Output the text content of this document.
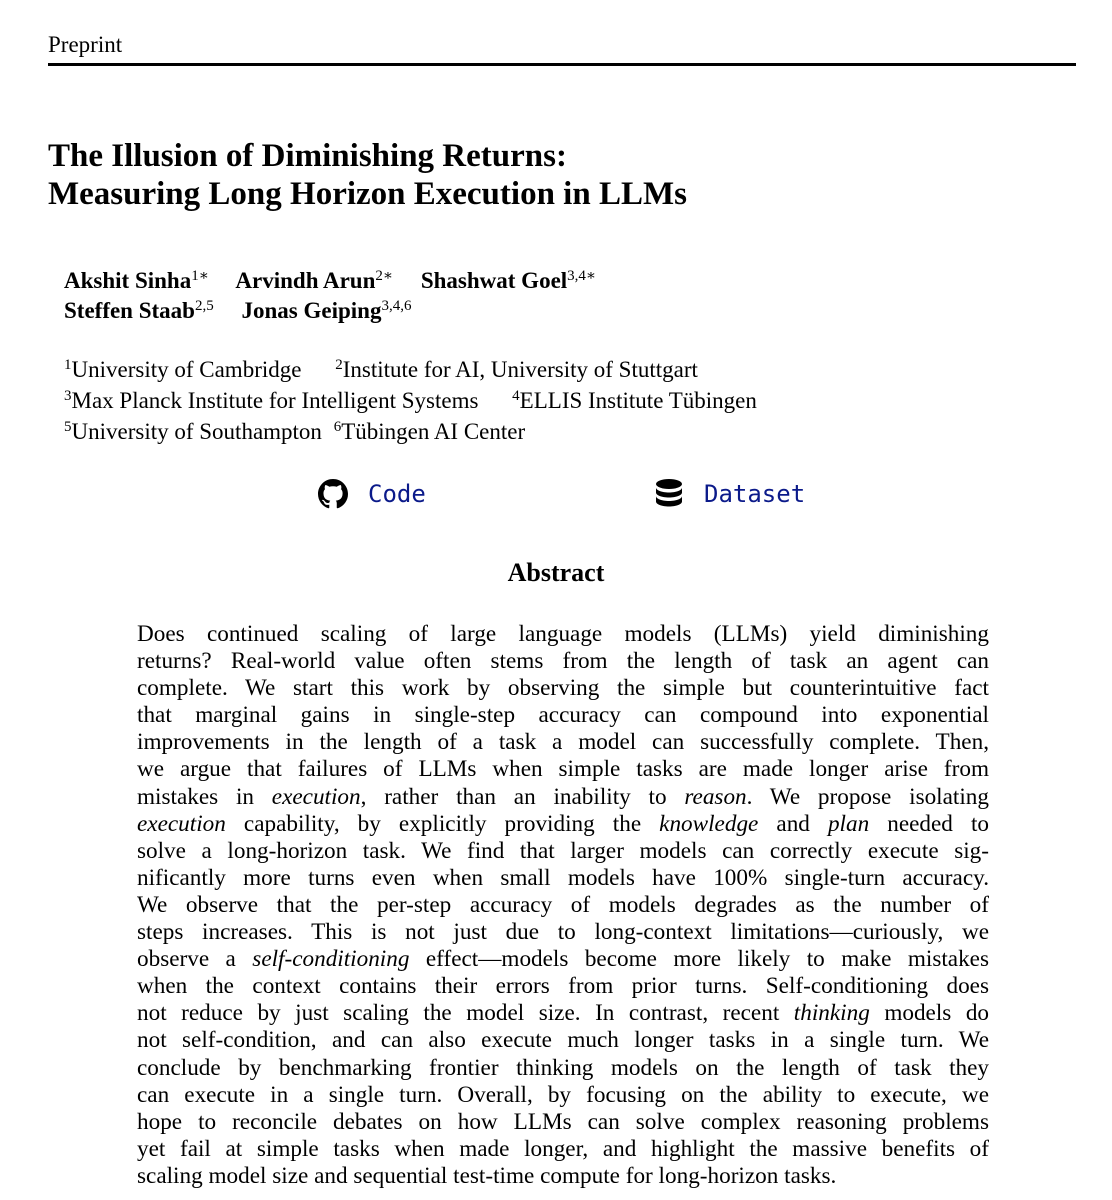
Preprint
The Illusion of Diminishing Returns:
Measuring Long Horizon Execution in LLMs
Akshit Sinha$^{1∗}$ Arvindh Arun$^{2∗}$ Shashwat Goel$^{3,4∗}$
Steffen Staab$^{2,5}$ Jonas Geiping$^{3,4,6}$
$^1$University of Cambridge $^2$Institute for AI, University of Stuttgart
$^3$Max Planck Institute for Intelligent Systems $^4$ELLIS Institute Tübingen
$^5$University of Southampton $^6$Tübingen AI Center
Code	Dataset
Abstract
Does continued scaling of large language models (LLMs) yield diminishing
returns? Real-world value often stems from the length of task an agent can
complete. We start this work by observing the simple but counterintuitive fact
that marginal gains in single-step accuracy can compound into exponential
improvements in the length of a task a model can successfully complete. Then,
we argue that failures of LLMs when simple tasks are made longer arise from
mistakes in execution, rather than an inability to reason. We propose isolating
execution capability, by explicitly providing the knowledge and plan needed to
solve a long-horizon task. We find that larger models can correctly execute sig-
nificantly more turns even when small models have 100% single-turn accuracy.
We observe that the per-step accuracy of models degrades as the number of
steps increases. This is not just due to long-context limitations—curiously, we
observe a self-conditioning effect—models become more likely to make mistakes
when the context contains their errors from prior turns. Self-conditioning does
not reduce by just scaling the model size. In contrast, recent thinking models do
not self-condition, and can also execute much longer tasks in a single turn. We
conclude by benchmarking frontier thinking models on the length of task they
can execute in a single turn. Overall, by focusing on the ability to execute, we
hope to reconcile debates on how LLMs can solve complex reasoning problems
yet fail at simple tasks when made longer, and highlight the massive benefits of
scaling model size and sequential test-time compute for long-horizon tasks.
